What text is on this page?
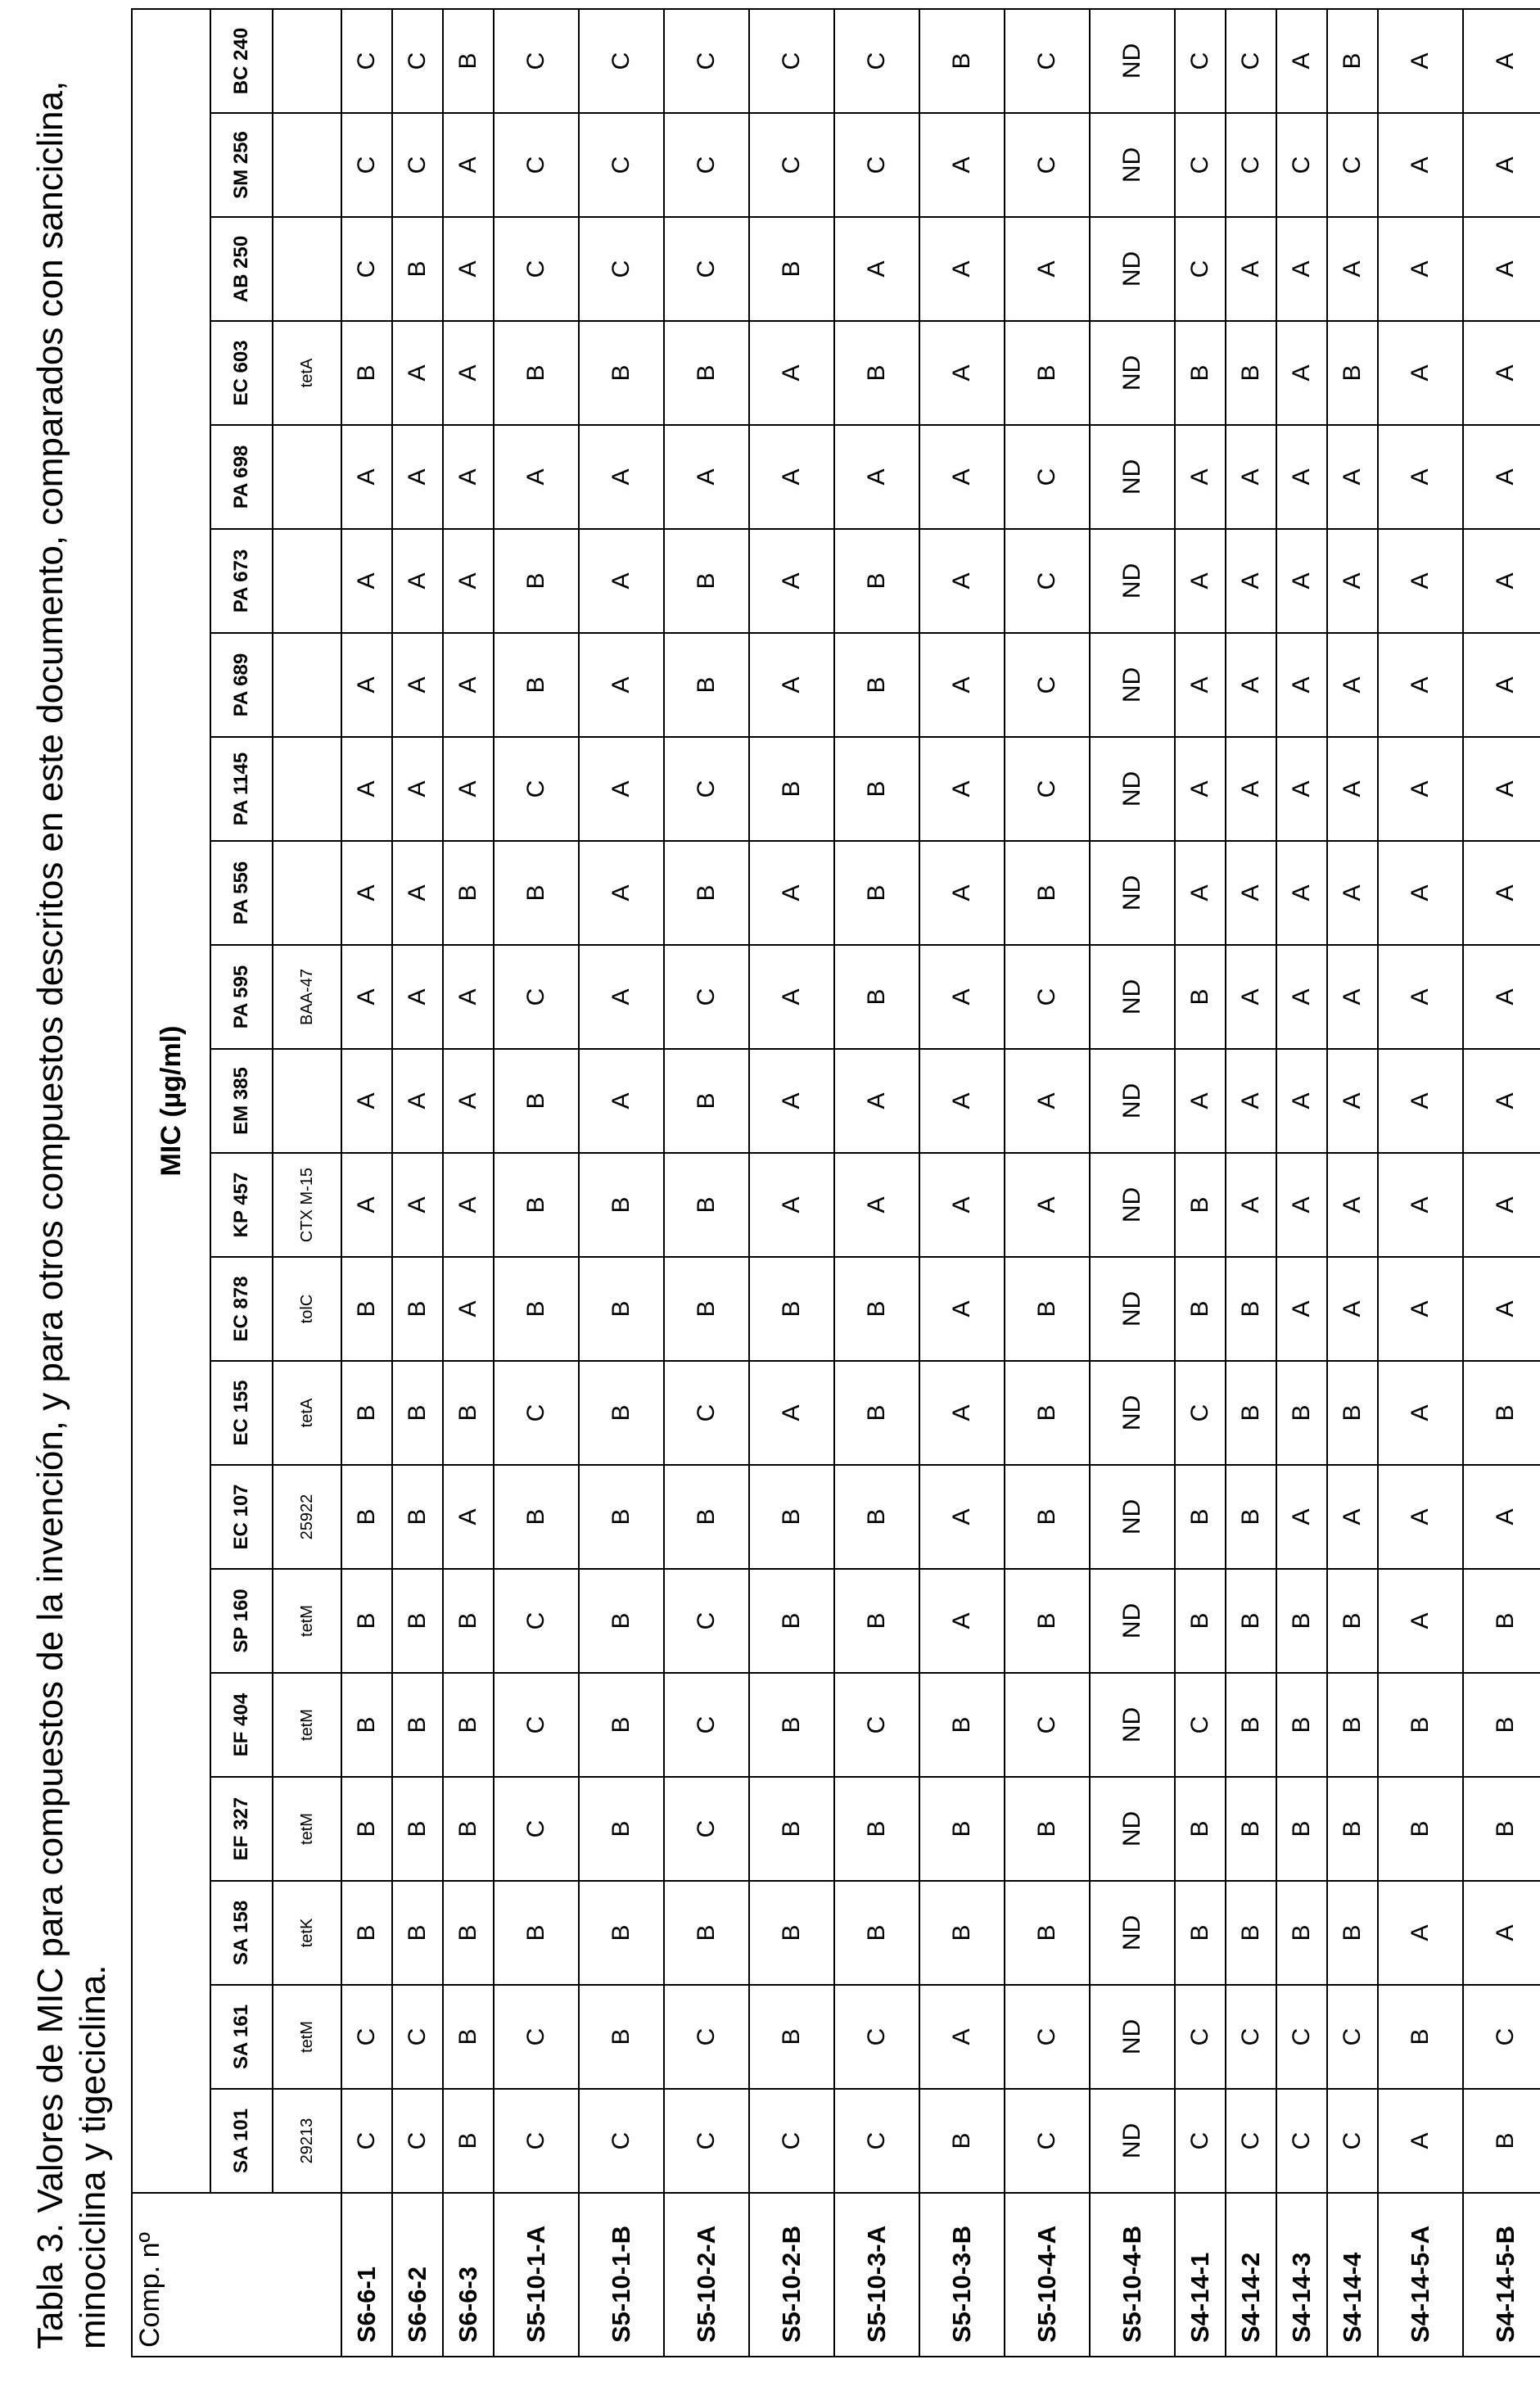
Tabla 3. Valores de MIC para compuestos de la invención, y para otros compuestos descritos en este documento, comparados con sanciclina, minociclina y tigeciclina. Comp. nº	MIC (µg/ml)
SA 101	SA 161	SA 158	EF 327	EF 404	SP 160	EC 107	EC 155	EC 878	KP 457	EM 385	PA 595	PA 556	PA 1145	PA 689	PA 673	PA 698	EC 603	AB 250	SM 256	BC 240
29213	tetM	tetK	tetM	tetM	tetM	25922	tetA	tolC	CTX M-15		BAA-47						tetA			
S6-6-1	C	C	B	B	B	B	B	B	B	A	A	A	A	A	A	A	A	B	C	C	C
S6-6-2	C	C	B	B	B	B	B	B	B	A	A	A	A	A	A	A	A	A	B	C	C
S6-6-3	B	B	B	B	B	B	A	B	A	A	A	A	B	A	A	A	A	A	A	A	B
S5-10-1-A	C	C	B	C	C	C	B	C	B	B	B	C	B	C	B	B	A	B	C	C	C
S5-10-1-B	C	B	B	B	B	B	B	B	B	B	A	A	A	A	A	A	A	B	C	C	C
S5-10-2-A	C	C	B	C	C	C	B	C	B	B	B	C	B	C	B	B	A	B	C	C	C
S5-10-2-B	C	B	B	B	B	B	B	A	B	A	A	A	A	B	A	A	A	A	B	C	C
S5-10-3-A	C	C	B	B	C	B	B	B	B	A	A	B	B	B	B	B	A	B	A	C	C
S5-10-3-B	B	A	B	B	B	A	A	A	A	A	A	A	A	A	A	A	A	A	A	A	B
S5-10-4-A	C	C	B	B	C	B	B	B	B	A	A	C	B	C	C	C	C	B	A	C	C
S5-10-4-B	ND	ND	ND	ND	ND	ND	ND	ND	ND	ND	ND	ND	ND	ND	ND	ND	ND	ND	ND	ND	ND
S4-14-1	C	C	B	B	C	B	B	C	B	B	A	B	A	A	A	A	A	B	C	C	C
S4-14-2	C	C	B	B	B	B	B	B	B	A	A	A	A	A	A	A	A	B	A	C	C
S4-14-3	C	C	B	B	B	B	A	B	A	A	A	A	A	A	A	A	A	A	A	C	A
S4-14-4	C	C	B	B	B	B	A	B	A	A	A	A	A	A	A	A	A	B	A	C	B
S4-14-5-A	A	B	A	B	B	A	A	A	A	A	A	A	A	A	A	A	A	A	A	A	A
S4-14-5-B	B	C	A	B	B	B	A	B	A	A	A	A	A	A	A	A	A	A	A	A	A
